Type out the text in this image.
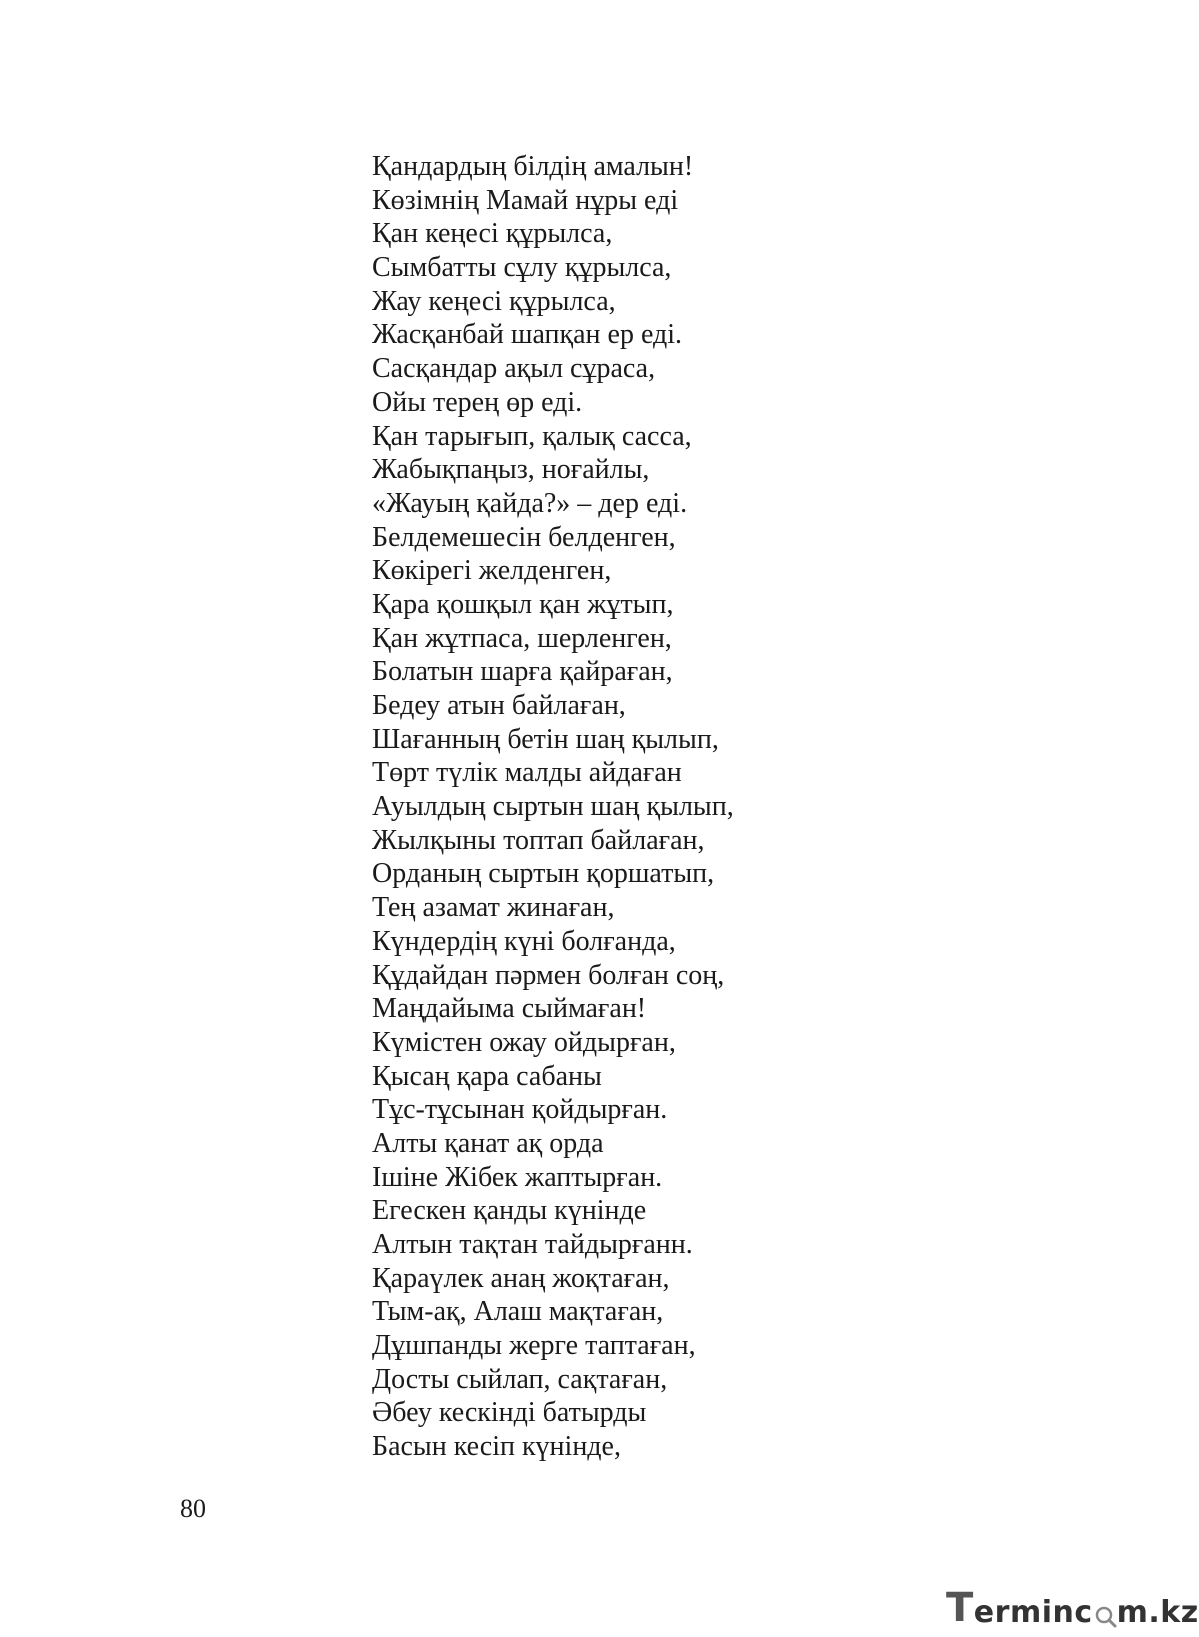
Қандардың білдің амалын!
Көзімнің Мамай нұры еді
Қан кеңесі құрылса,
Сымбатты сұлу құрылса,
Жау кеңесі құрылса,
Жасқанбай шапқан ер еді.
Сасқандар ақыл сұраса,
Ойы терең өр еді.
Қан тарығып, қалық сасса,
Жабықпаңыз, ноғайлы,
«Жауың қайда?» – дер еді.
Белдемешесін белденген,
Көкірегі желденген,
Қара қошқыл қан жұтып,
Қан жұтпаса, шерленген,
Болатын шарға қайраған,
Бедеу атын байлаған,
Шағанның бетін шаң қылып,
Төрт түлік малды айдаған
Ауылдың сыртын шаң қылып,
Жылқыны топтап байлаған,
Орданың сыртын қоршатып,
Тең азамат жинаған,
Күндердің күні болғанда,
Құдайдан пәрмен болған соң,
Маңдайыма сыймаған!
Күмістен ожау ойдырған,
Қысаң қара сабаны
Тұс-тұсынан қойдырған.
Алты қанат ақ орда
Ішіне Жібек жаптырған.
Егескен қанды күнінде
Алтын тақтан тайдырғанн.
Қараүлек анаң жоқтаған,
Тым-ақ, Алаш мақтаған,
Дұшпанды жерге таптаған,
Досты сыйлап, сақтаған,
Әбеу кескінді батырды
Басын кесіп күнінде,
80
T erminc m.kz
